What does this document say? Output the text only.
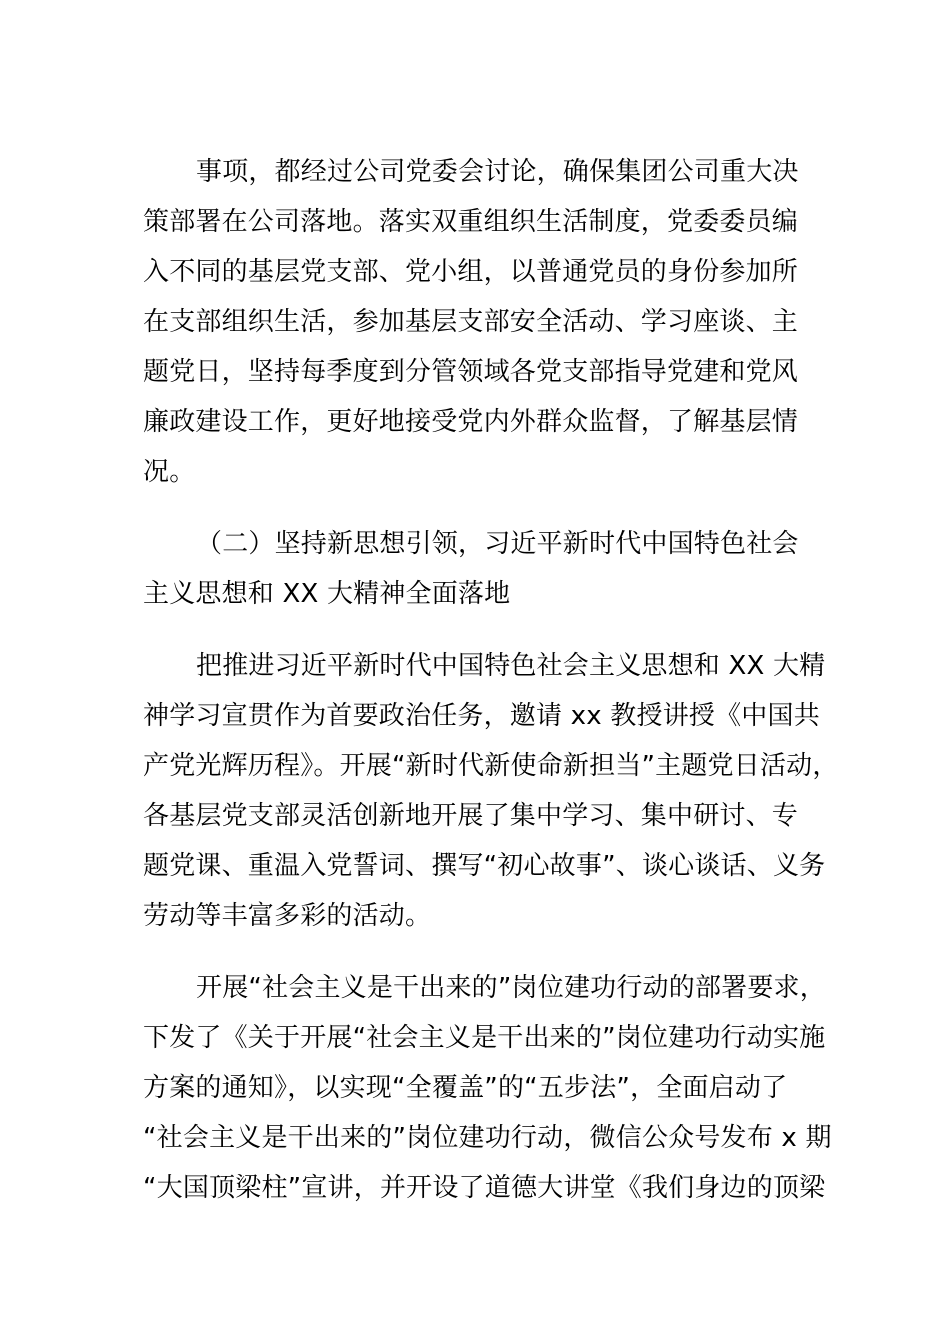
事项，都经过公司党委会讨论，确保集团公司重大决
策部署在公司落地。落实双重组织生活制度，党委委员编
入不同的基层党支部、党小组，以普通党员的身份参加所
在支部组织生活，参加基层支部安全活动、学习座谈、主
题党日，坚持每季度到分管领域各党支部指导党建和党风
廉政建设工作，更好地接受党内外群众监督，了解基层情
况。
（二）坚持新思想引领，习近平新时代中国特色社会
主义思想和 XX 大精神全面落地
把推进习近平新时代中国特色社会主义思想和 XX 大精
神学习宣贯作为首要政治任务，邀请 xx 教授讲授《中国共
产党光辉历程》。开展“新时代新使命新担当”主题党日活动，
各基层党支部灵活创新地开展了集中学习、集中研讨、专
题党课、重温入党誓词、撰写“初心故事”、谈心谈话、义务
劳动等丰富多彩的活动。
开展“社会主义是干出来的”岗位建功行动的部署要求，
下发了《关于开展“社会主义是干出来的”岗位建功行动实施
方案的通知》，以实现“全覆盖”的“五步法”，全面启动了
“社会主义是干出来的”岗位建功行动，微信公众号发布 x 期
“大国顶梁柱”宣讲，并开设了道德大讲堂《我们身边的顶梁
